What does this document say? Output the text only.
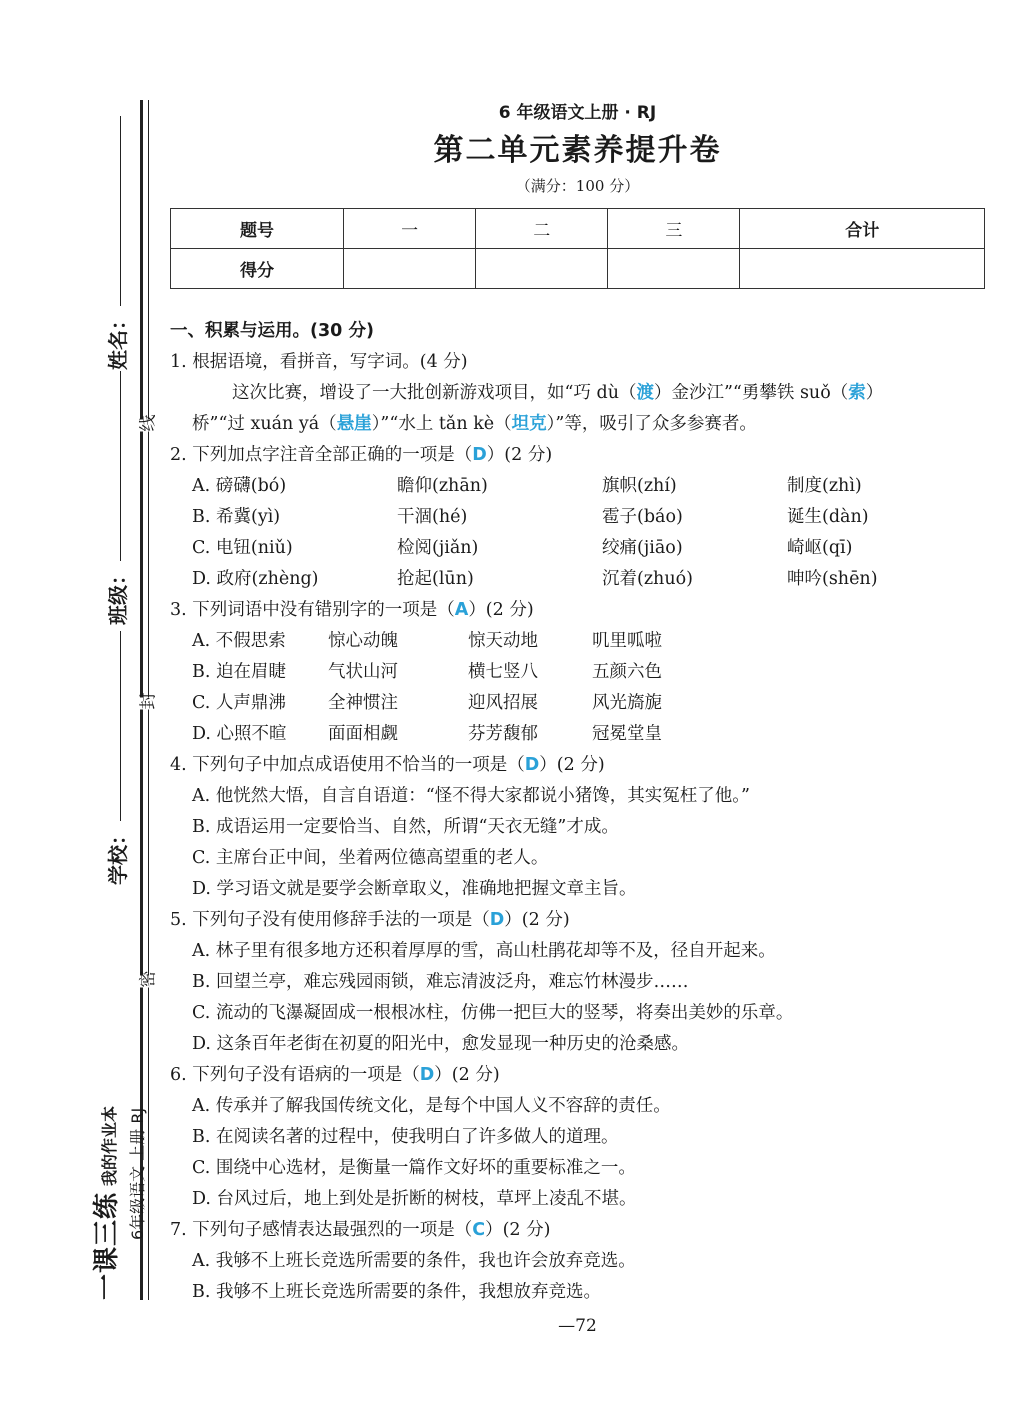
姓名：
班级：
学校：
线
封
密
一课三练我的作业本 6年级语文 上册 RJ
6 年级语文上册 · RJ
第二单元素养提升卷
（满分：100 分）
题号	一	二	三	合计
得分				
一、积累与运用。(30 分)
1. 根据语境，看拼音，写字词。(4 分)
这次比赛，增设了一大批创新游戏项目，如“巧 dù（渡）金沙江”“勇攀铁 suǒ（索）
桥”“过 xuán yá（悬崖）”“水上 tǎn kè（坦克）”等，吸引了众多参赛者。
2. 下列加点字注音全部正确的一项是（D）(2 分)
A. 磅礴(bó)	瞻仰(zhān)	旗帜(zhí)	制度(zhì)
B. 希冀(yì)	干涸(hé)	雹子(báo)	诞生(dàn)
C. 电钮(niǔ)	检阅(jiǎn)	绞痛(jiāo)	崎岖(qī)
D. 政府(zhèng)	抢起(lūn)	沉着(zhuó)	呻吟(shēn)
3. 下列词语中没有错别字的一项是（A）(2 分)
A. 不假思索	惊心动魄	惊天动地	叽里呱啦
B. 迫在眉睫	气状山河	横七竖八	五颜六色
C. 人声鼎沸	全神惯注	迎风招展	风光旖旎
D. 心照不暄	面面相觑	芬芳馥郁	冠冕堂皇
4. 下列句子中加点成语使用不恰当的一项是（D）(2 分)
A. 他恍然大悟，自言自语道：“怪不得大家都说小猪馋，其实冤枉了他。”
B. 成语运用一定要恰当、自然，所谓“天衣无缝”才成。
C. 主席台正中间，坐着两位德高望重的老人。
D. 学习语文就是要学会断章取义，准确地把握文章主旨。
5. 下列句子没有使用修辞手法的一项是（D）(2 分)
A. 林子里有很多地方还积着厚厚的雪，高山杜鹃花却等不及，径自开起来。
B. 回望兰亭，难忘残园雨锁，难忘清波泛舟，难忘竹林漫步……
C. 流动的飞瀑凝固成一根根冰柱，仿佛一把巨大的竖琴，将奏出美妙的乐章。
D. 这条百年老街在初夏的阳光中，愈发显现一种历史的沧桑感。
6. 下列句子没有语病的一项是（D）(2 分)
A. 传承并了解我国传统文化，是每个中国人义不容辞的责任。
B. 在阅读名著的过程中，使我明白了许多做人的道理。
C. 围绕中心选材，是衡量一篇作文好坏的重要标准之一。
D. 台风过后，地上到处是折断的树枝，草坪上凌乱不堪。
7. 下列句子感情表达最强烈的一项是（C）(2 分)
A. 我够不上班长竞选所需要的条件，我也许会放弃竞选。
B. 我够不上班长竞选所需要的条件，我想放弃竞选。
—72
